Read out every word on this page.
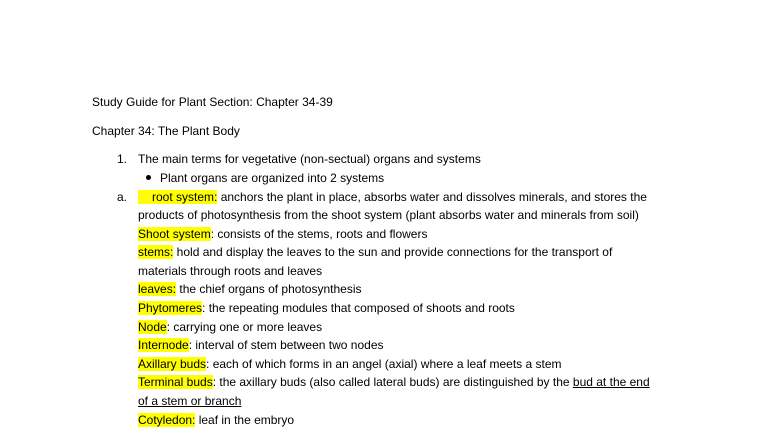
Study Guide for Plant Section: Chapter 34-39
Chapter 34: The Plant Body
1. The main terms for vegetative (non-sectual) organs and systems
Plant organs are organized into 2 systems
a.	root system: anchors the plant in place, absorbs water and dissolves minerals, and stores the
products of photosynthesis from the shoot system (plant absorbs water and minerals from soil)
Shoot system: consists of the stems, roots and flowers
stems: hold and display the leaves to the sun and provide connections for the transport of
materials through roots and leaves
leaves: the chief organs of photosynthesis
Phytomeres: the repeating modules that composed of shoots and roots
Node: carrying one or more leaves
Internode: interval of stem between two nodes
Axillary buds: each of which forms in an angel (axial) where a leaf meets a stem
Terminal buds: the axillary buds (also called lateral buds) are distinguished by the bud at the end
of a stem or branch
Cotyledon: leaf in the embryo
